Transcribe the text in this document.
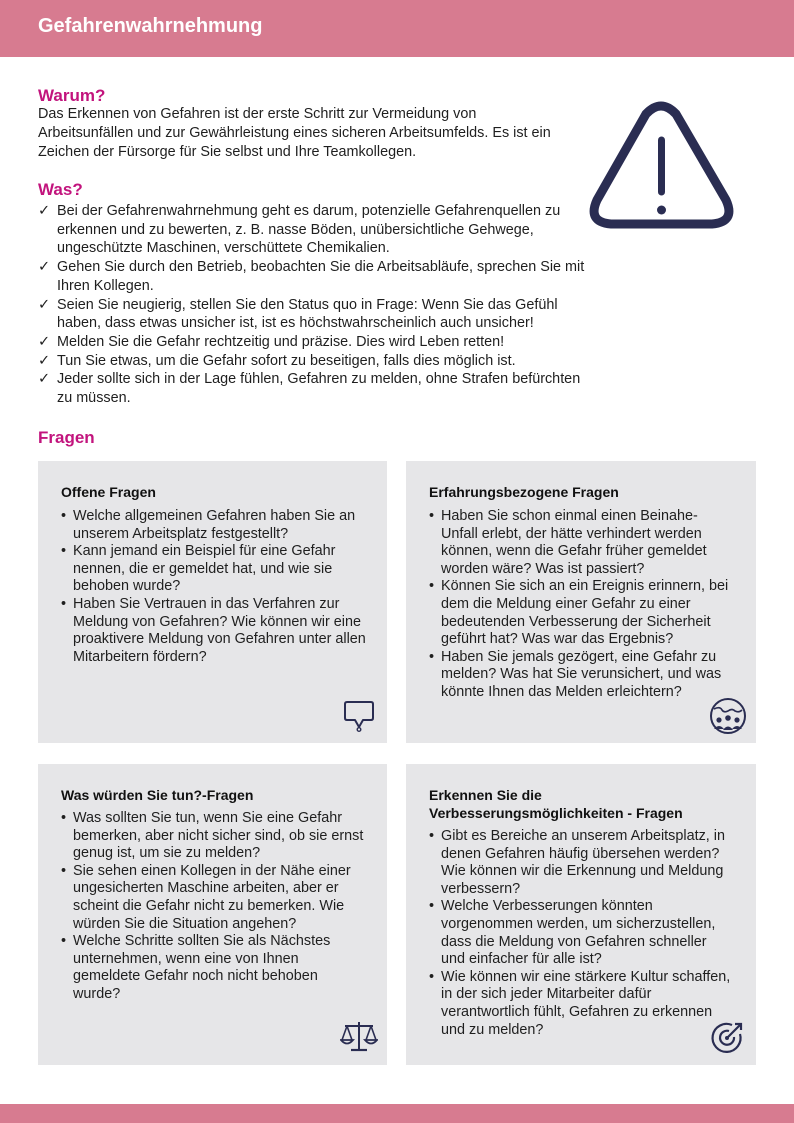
Gefahrenwahrnehmung
Warum?
Das Erkennen von Gefahren ist der erste Schritt zur Vermeidung von Arbeitsunfällen und zur Gewährleistung eines sicheren Arbeitsumfelds. Es ist ein Zeichen der Fürsorge für Sie selbst und Ihre Teamkollegen.
Was?
✓ Bei der Gefahrenwahrnehmung geht es darum, potenzielle Gefahrenquellen zu erkennen und zu bewerten, z. B. nasse Böden, unübersichtliche Gehwege, ungeschützte Maschinen, verschüttete Chemikalien.
✓ Gehen Sie durch den Betrieb, beobachten Sie die Arbeitsabläufe, sprechen Sie mit Ihren Kollegen.
✓ Seien Sie neugierig, stellen Sie den Status quo in Frage: Wenn Sie das Gefühl haben, dass etwas unsicher ist, ist es höchstwahrscheinlich auch unsicher!
✓ Melden Sie die Gefahr rechtzeitig und präzise. Dies wird Leben retten!
✓ Tun Sie etwas, um die Gefahr sofort zu beseitigen, falls dies möglich ist.
✓ Jeder sollte sich in der Lage fühlen, Gefahren zu melden, ohne Strafen befürchten zu müssen.
Fragen
Offene Fragen
• Welche allgemeinen Gefahren haben Sie an unserem Arbeitsplatz festgestellt?
• Kann jemand ein Beispiel für eine Gefahr nennen, die er gemeldet hat, und wie sie behoben wurde?
• Haben Sie Vertrauen in das Verfahren zur Meldung von Gefahren? Wie können wir eine proaktivere Meldung von Gefahren unter allen Mitarbeitern fördern?
Erfahrungsbezogene Fragen
• Haben Sie schon einmal einen Beinahe-Unfall erlebt, der hätte verhindert werden können, wenn die Gefahr früher gemeldet worden wäre? Was ist passiert?
• Können Sie sich an ein Ereignis erinnern, bei dem die Meldung einer Gefahr zu einer bedeutenden Verbesserung der Sicherheit geführt hat? Was war das Ergebnis?
• Haben Sie jemals gezögert, eine Gefahr zu melden? Was hat Sie verunsichert, und was könnte Ihnen das Melden erleichtern?
Was würden Sie tun?-Fragen
• Was sollten Sie tun, wenn Sie eine Gefahr bemerken, aber nicht sicher sind, ob sie ernst genug ist, um sie zu melden?
• Sie sehen einen Kollegen in der Nähe einer ungesicherten Maschine arbeiten, aber er scheint die Gefahr nicht zu bemerken. Wie würden Sie die Situation angehen?
• Welche Schritte sollten Sie als Nächstes unternehmen, wenn eine von Ihnen gemeldete Gefahr noch nicht behoben wurde?
Erkennen Sie die Verbesserungsmöglichkeiten - Fragen
• Gibt es Bereiche an unserem Arbeitsplatz, in denen Gefahren häufig übersehen werden? Wie können wir die Erkennung und Meldung verbessern?
• Welche Verbesserungen könnten vorgenommen werden, um sicherzustellen, dass die Meldung von Gefahren schneller und einfacher für alle ist?
• Wie können wir eine stärkere Kultur schaffen, in der sich jeder Mitarbeiter dafür verantwortlich fühlt, Gefahren zu erkennen und zu melden?
